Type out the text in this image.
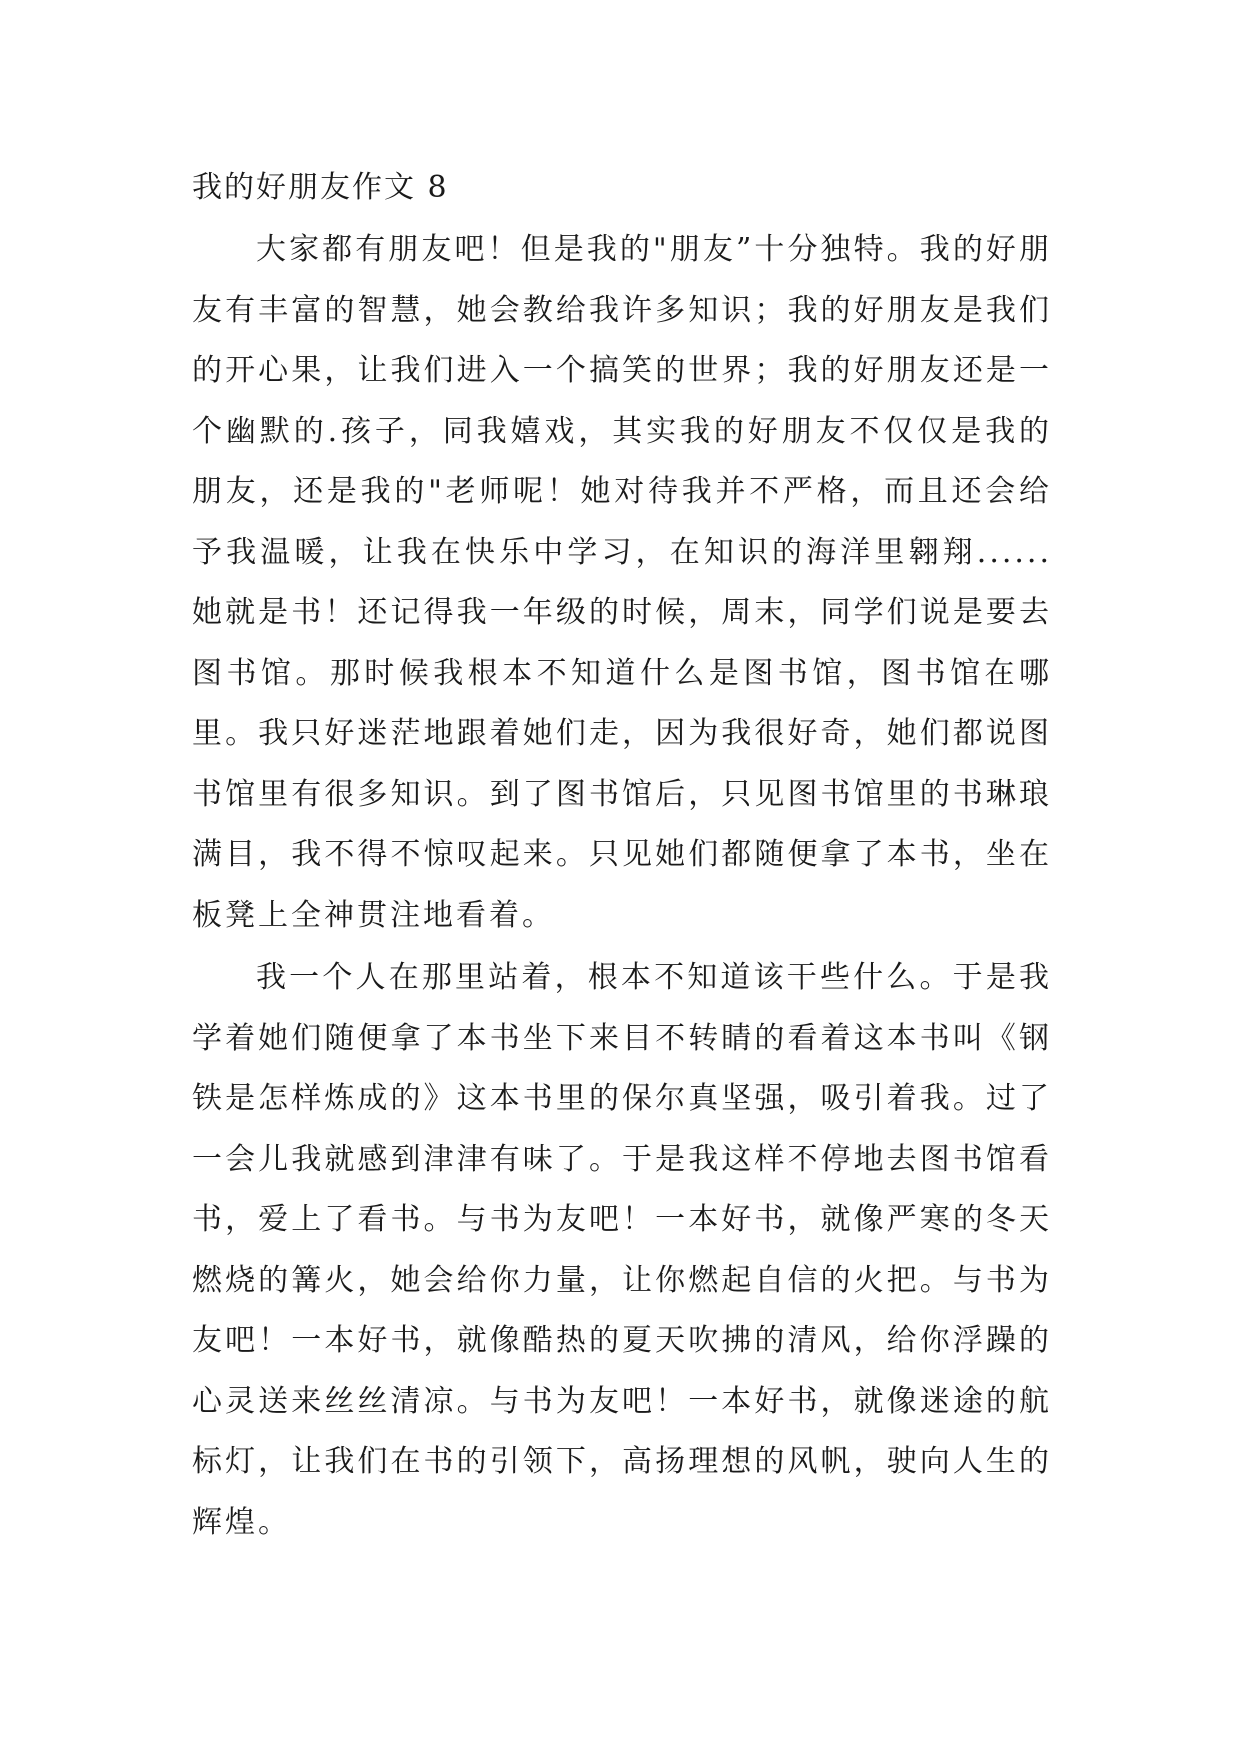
我的好朋友作文 8

大家都有朋友吧！但是我的"朋友”十分独特。我的好朋友有丰富的智慧，她会教给我许多知识；我的好朋友是我们的开心果，让我们进入一个搞笑的世界；我的好朋友还是一个幽默的.孩子，同我嬉戏，其实我的好朋友不仅仅是我的朋友，还是我的"老师呢！她对待我并不严格，而且还会给予我温暖，让我在快乐中学习，在知识的海洋里翱翔......她就是书！还记得我一年级的时候，周末，同学们说是要去图书馆。那时候我根本不知道什么是图书馆，图书馆在哪里。我只好迷茫地跟着她们走，因为我很好奇，她们都说图书馆里有很多知识。到了图书馆后，只见图书馆里的书琳琅满目，我不得不惊叹起来。只见她们都随便拿了本书，坐在板凳上全神贯注地看着。

我一个人在那里站着，根本不知道该干些什么。于是我学着她们随便拿了本书坐下来目不转睛的看着这本书叫《钢铁是怎样炼成的》这本书里的保尔真坚强，吸引着我。过了一会儿我就感到津津有味了。于是我这样不停地去图书馆看书，爱上了看书。与书为友吧！一本好书，就像严寒的冬天燃烧的篝火，她会给你力量，让你燃起自信的火把。与书为友吧！一本好书，就像酷热的夏天吹拂的清风，给你浮躁的心灵送来丝丝清凉。与书为友吧！一本好书，就像迷途的航标灯，让我们在书的引领下，高扬理想的风帆，驶向人生的辉煌。
